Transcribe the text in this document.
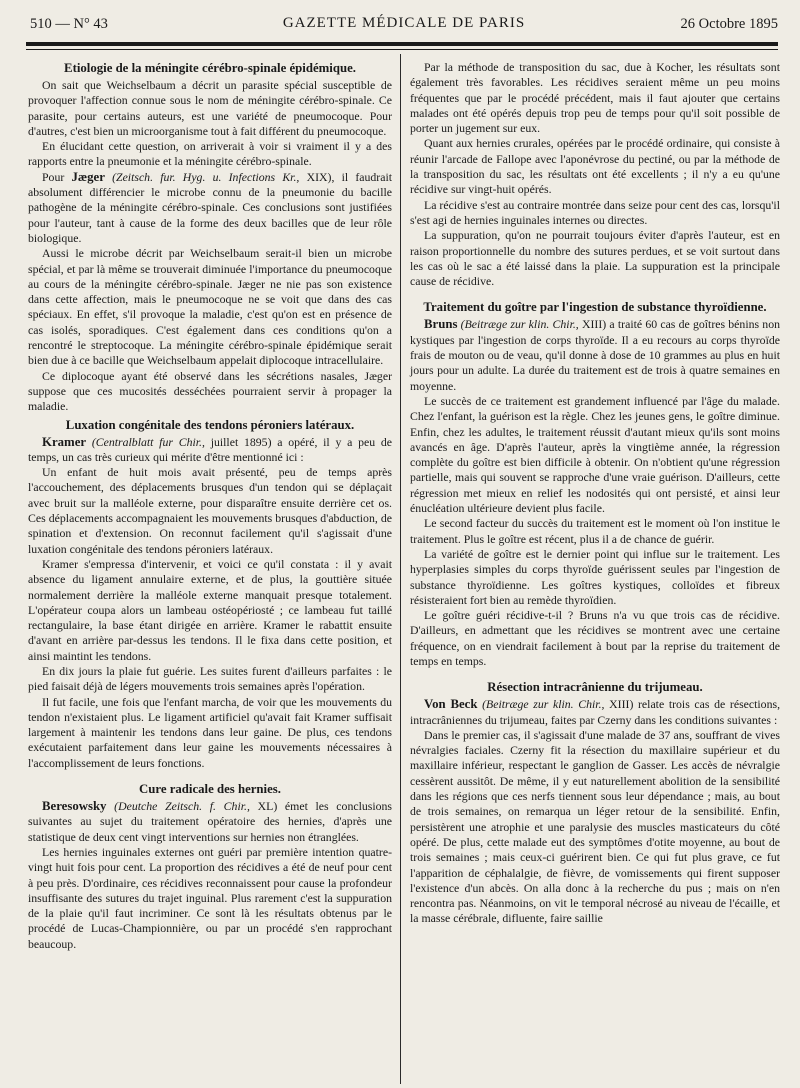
510 — N° 43	GAZETTE MÉDICALE DE PARIS	26 Octobre 1895
Etiologie de la méningite cérébro-spinale épidémique.

On sait que Weichselbaum a décrit un parasite spécial susceptible de provoquer l'affection connue sous le nom de méningite cérébro-spinale. Ce parasite, pour certains auteurs, est une variété de pneumocoque. Pour d'autres, c'est bien un microorganisme tout à fait différent du pneumocoque.

En élucidant cette question, on arriverait à voir si vraiment il y a des rapports entre la pneumonie et la méningite cérébro-spinale.

Pour Jæger (Zeitsch. fur. Hyg. u. Infections Kr., XIX), il faudrait absolument différencier le microbe connu de la pneumonie du bacille pathogène de la méningite cérébro-spinale. Ces conclusions sont justifiées pour l'auteur, tant à cause de la forme des deux bacilles que de leur rôle biologique.

Aussi le microbe décrit par Weichselbaum serait-il bien un microbe spécial, et par là même se trouverait diminuée l'importance du pneumocoque au cours de la méningite cérébro-spinale. Jæger ne nie pas son existence dans cette affection, mais le pneumocoque ne se voit que dans des cas spéciaux. En effet, s'il provoque la maladie, c'est qu'on est en présence de cas isolés, sporadiques. C'est également dans ces conditions qu'on a rencontré le streptocoque. La méningite cérébro-spinale épidémique serait bien due à ce bacille que Weichselbaum appelait diplocoque intracellulaire.

Ce diplocoque ayant été observé dans les sécrétions nasales, Jæger suppose que ces mucosités desséchées pourraient servir à propager la maladie.

Luxation congénitale des tendons péroniers latéraux.

Kramer (Centralblatt fur Chir., juillet 1895) a opéré, il y a peu de temps, un cas très curieux qui mérite d'être mentionné ici :

Un enfant de huit mois avait présenté, peu de temps après l'accouchement, des déplacements brusques d'un tendon qui se déplaçait avec bruit sur la malléole externe, pour disparaître ensuite derrière cet os. Ces déplacements accompagnaient les mouvements brusques d'abduction, de spination et d'extension. On reconnut facilement qu'il s'agissait d'une luxation congénitale des tendons péroniers latéraux.

Kramer s'empressa d'intervenir, et voici ce qu'il constata : il y avait absence du ligament annulaire externe, et de plus, la gouttière située normalement derrière la malléole externe manquait presque totalement. L'opérateur coupa alors un lambeau ostéopériosté ; ce lambeau fut taillé rectangulaire, la base étant dirigée en arrière. Kramer le rabattit ensuite d'avant en arrière par-dessus les tendons. Il le fixa dans cette position, et ainsi maintint les tendons.

En dix jours la plaie fut guérie. Les suites furent d'ailleurs parfaites : le pied faisait déjà de légers mouvements trois semaines après l'opération.

Il fut facile, une fois que l'enfant marcha, de voir que les mouvements du tendon n'existaient plus. Le ligament artificiel qu'avait fait Kramer suffisait largement à maintenir les tendons dans leur gaine. De plus, ces tendons exécutaient parfaitement dans leur gaine les mouvements nécessaires à l'accomplissement de leurs fonctions.

Cure radicale des hernies.

Beresowsky (Deutche Zeitsch. f. Chir., XL) émet les conclusions suivantes au sujet du traitement opératoire des hernies, d'après une statistique de deux cent vingt interventions sur hernies non étranglées.

Les hernies inguinales externes ont guéri par première intention quatre-vingt huit fois pour cent. La proportion des récidives a été de neuf pour cent à peu près. D'ordinaire, ces récidives reconnaissent pour cause la profondeur insuffisante des sutures du trajet inguinal. Plus rarement c'est la suppuration de la plaie qu'il faut incriminer. Ce sont là les résultats obtenus par le procédé de Lucas-Championnière, ou par un procédé s'en rapprochant beaucoup.

Par la méthode de transposition du sac, due à Kocher, les résultats sont également très favorables. Les récidives seraient même un peu moins fréquentes que par le procédé précédent, mais il faut ajouter que certains malades ont été opérés depuis trop peu de temps pour qu'il soit possible de porter un jugement sur eux.

Quant aux hernies crurales, opérées par le procédé ordinaire, qui consiste à réunir l'arcade de Fallope avec l'aponévrose du pectiné, ou par la méthode de la transposition du sac, les résultats ont été excellents ; il n'y a eu qu'une récidive sur vingt-huit opérés.

La récidive s'est au contraire montrée dans seize pour cent des cas, lorsqu'il s'est agi de hernies inguinales internes ou directes.

La suppuration, qu'on ne pourrait toujours éviter d'après l'auteur, est en raison proportionnelle du nombre des sutures perdues, et se voit surtout dans les cas où le sac a été laissé dans la plaie. La suppuration est la principale cause de récidive.

Traitement du goître par l'ingestion de substance thyroïdienne.

Bruns (Beitræge zur klin. Chir., XIII) a traité 60 cas de goîtres bénins non kystiques par l'ingestion de corps thyroïde. Il a eu recours au corps thyroïde frais de mouton ou de veau, qu'il donne à dose de 10 grammes au plus en huit jours pour un adulte. La durée du traitement est de trois à quatre semaines en moyenne.

Le succès de ce traitement est grandement influencé par l'âge du malade. Chez l'enfant, la guérison est la règle. Chez les jeunes gens, le goître diminue. Enfin, chez les adultes, le traitement réussit d'autant mieux qu'ils sont moins avancés en âge. D'après l'auteur, après la vingtième année, la régression complète du goître est bien difficile à obtenir. On n'obtient qu'une régression partielle, mais qui souvent se rapproche d'une vraie guérison. D'ailleurs, cette régression met mieux en relief les nodosités qui ont persisté, et ainsi leur énucléation ultérieure devient plus facile.

Le second facteur du succès du traitement est le moment où l'on institue le traitement. Plus le goître est récent, plus il a de chance de guérir.

La variété de goître est le dernier point qui influe sur le traitement. Les hyperplasies simples du corps thyroïde guérissent seules par l'ingestion de substance thyroïdienne. Les goîtres kystiques, colloïdes et fibreux résisteraient fort bien au remède thyroïdien.

Le goître guéri récidive-t-il ? Bruns n'a vu que trois cas de récidive. D'ailleurs, en admettant que les récidives se montrent avec une certaine fréquence, on en viendrait facilement à bout par la reprise du traitement de temps en temps.

Résection intracrânienne du trijumeau.

Von Beck (Beitræge zur klin. Chir., XIII) relate trois cas de résections, intracrâniennes du trijumeau, faites par Czerny dans les conditions suivantes :

Dans le premier cas, il s'agissait d'une malade de 37 ans, souffrant de vives névralgies faciales. Czerny fit la résection du maxillaire supérieur et du maxillaire inférieur, respectant le ganglion de Gasser. Les accès de névralgie cessèrent aussitôt. De même, il y eut naturellement abolition de la sensibilité dans les régions que ces nerfs tiennent sous leur dépendance ; mais, au bout de trois semaines, on remarqua un léger retour de la sensibilité. Enfin, persistèrent une atrophie et une paralysie des muscles masticateurs du côté opéré. De plus, cette malade eut des symptômes d'otite moyenne, au bout de trois semaines ; mais ceux-ci guérirent bien. Ce qui fut plus grave, ce fut l'apparition de céphalalgie, de fièvre, de vomissements qui firent supposer l'existence d'un abcès. On alla donc à la recherche du pus ; mais on n'en rencontra pas. Néanmoins, on vit le temporal nécrosé au niveau de l'écaille, et la masse cérébrale, difluente, faire saillie
